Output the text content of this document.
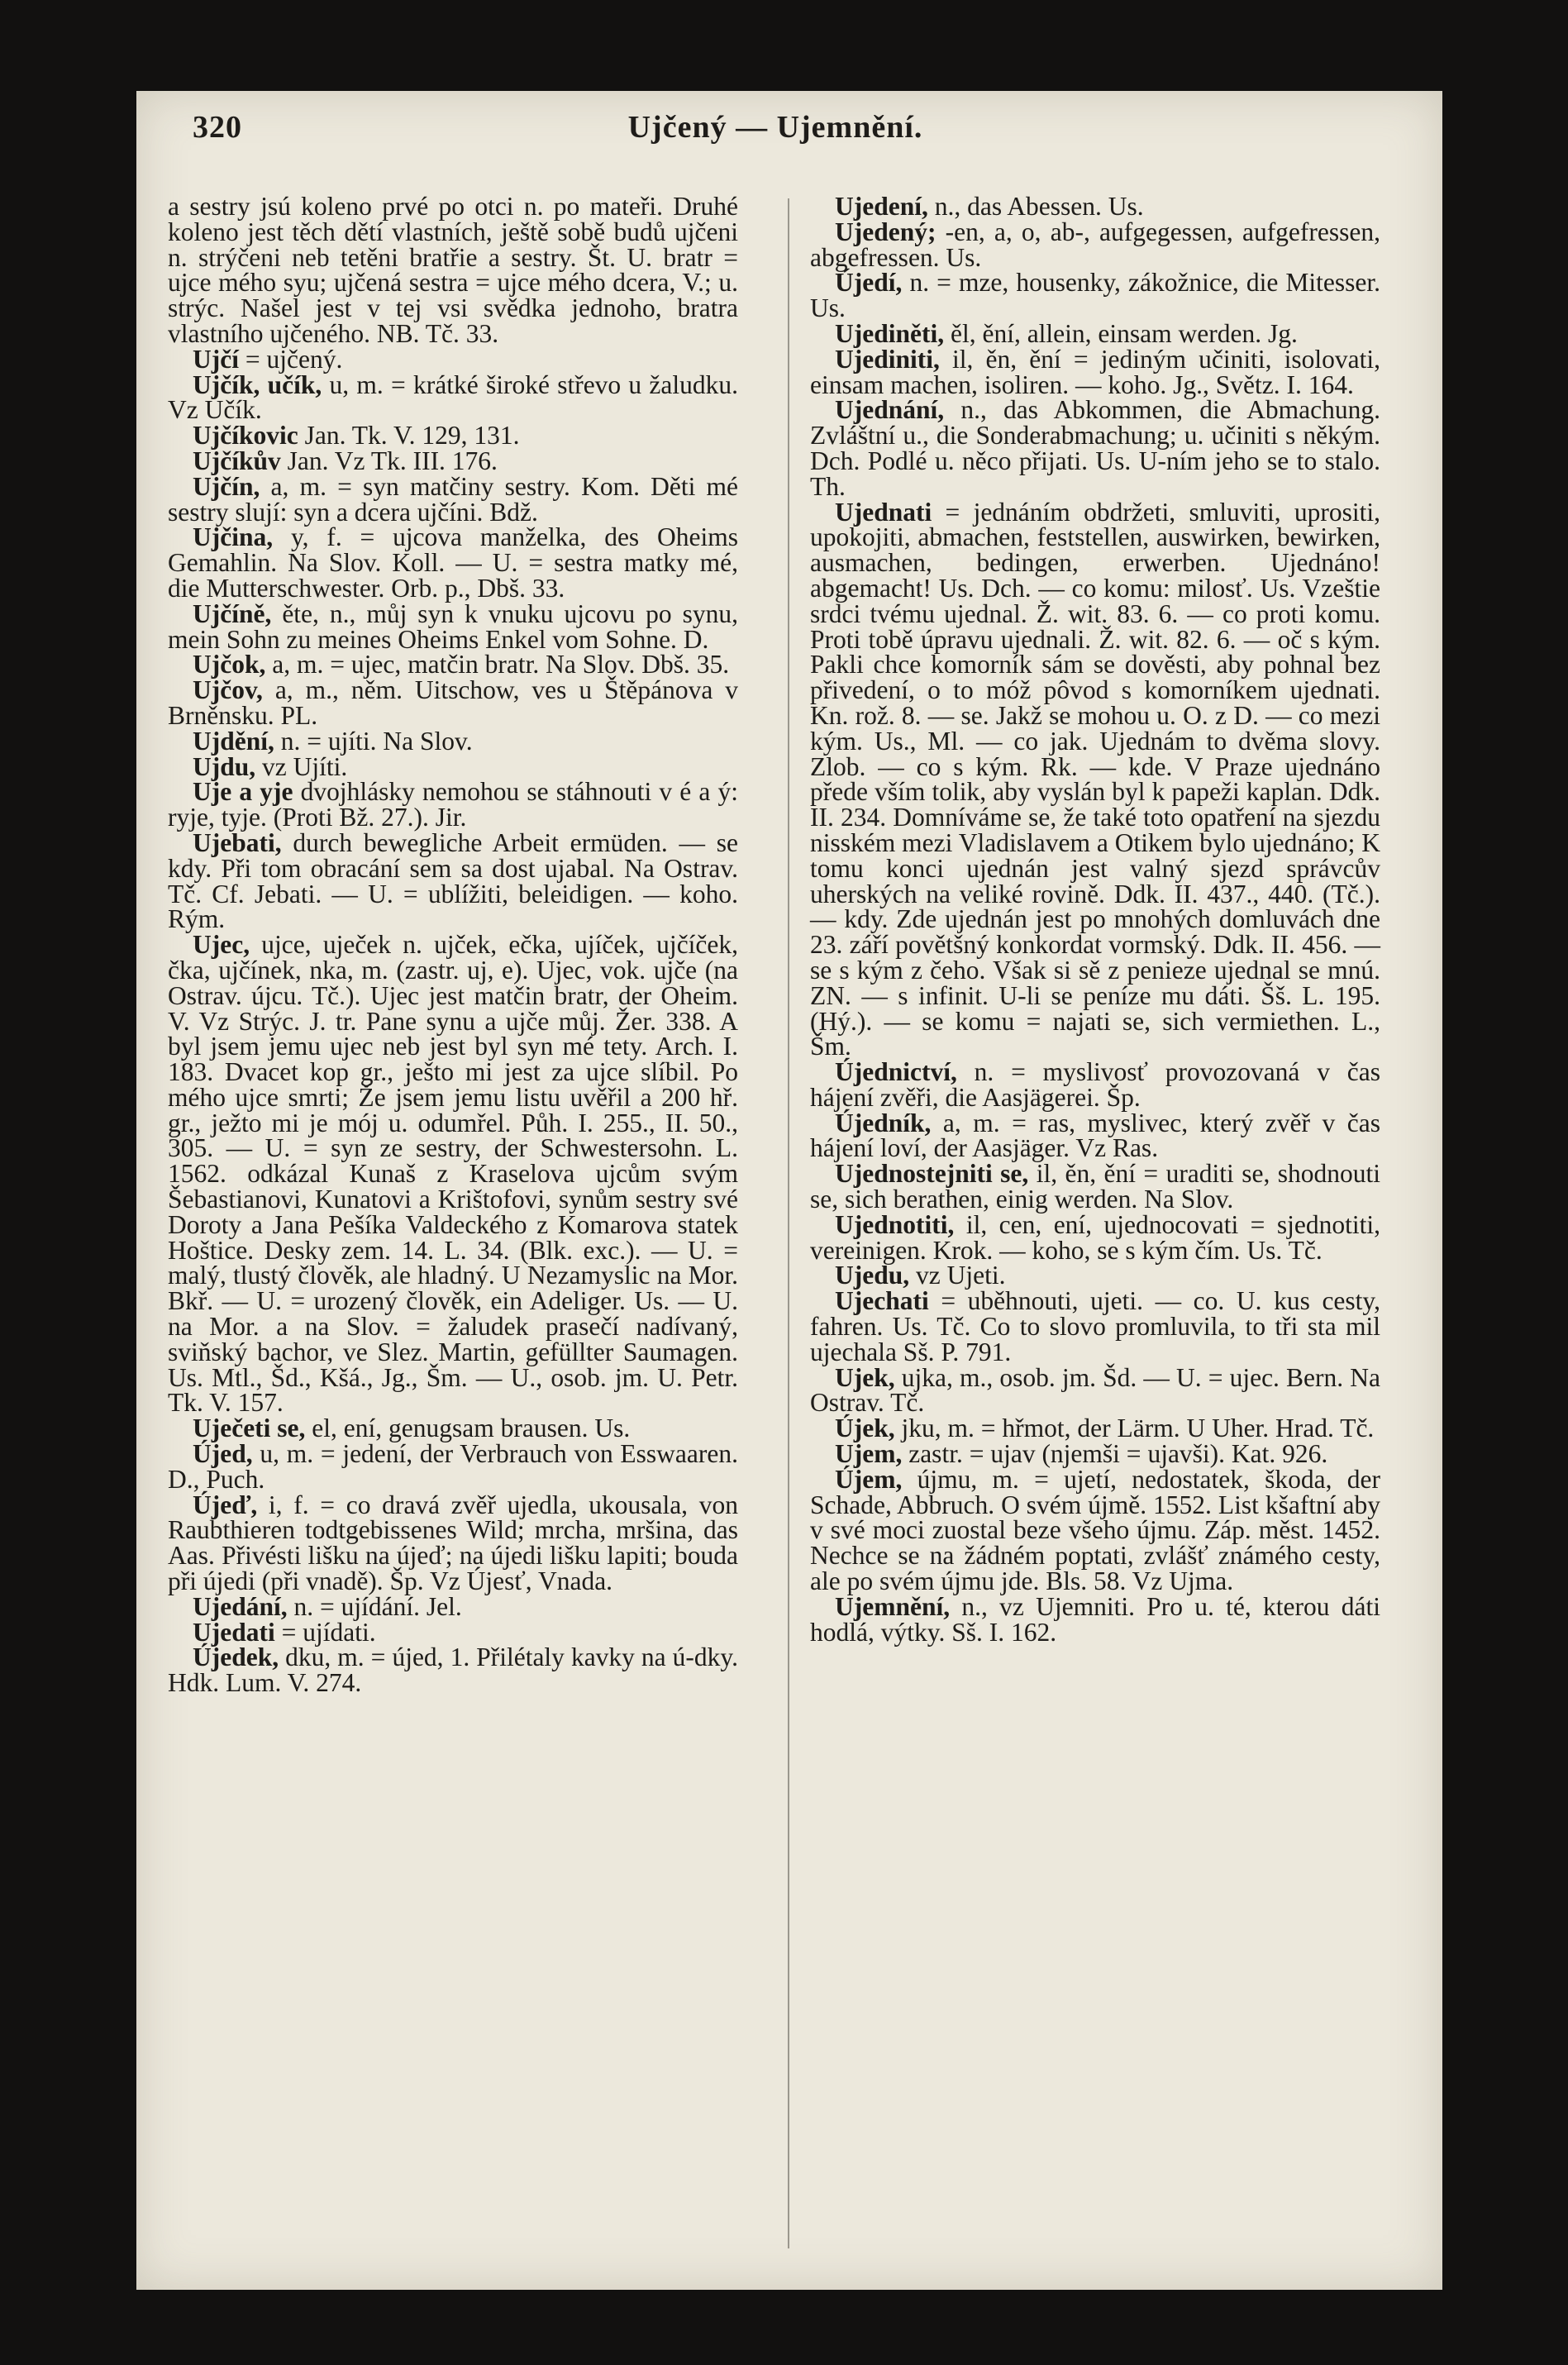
320	Ujčený — Ujemnění.

a sestry jsú koleno prvé po otci n. po mateři. Druhé koleno jest těch dětí vlastních, ještě sobě budů ujčeni n. strýčeni neb tetěni bratřie a sestry. Št. U. bratr = ujce mého syu; ujčená sestra = ujce mého dcera, V.; u. strýc. Našel jest v tej vsi svědka jednoho, bratra vlastního ujčeného. NB. Tč. 33.

Ujčí = ujčený.

Ujčík, učík, u, m. = krátké široké střevo u žaludku. Vz Učík.

Ujčíkovic Jan. Tk. V. 129, 131.

Ujčíkův Jan. Vz Tk. III. 176.

Ujčín, a, m. = syn matčiny sestry. Kom. Děti mé sestry slují: syn a dcera ujčíni. Bdž.

Ujčina, y, f. = ujcova manželka, des Oheims Gemahlin. Na Slov. Koll. — U. = sestra matky mé, die Mutterschwester. Orb. p., Dbš. 33.

Ujčíně, ěte, n., můj syn k vnuku ujcovu po synu, mein Sohn zu meines Oheims Enkel vom Sohne. D.

Ujčok, a, m. = ujec, matčin bratr. Na Slov. Dbš. 35.

Ujčov, a, m., něm. Uitschow, ves u Štěpánova v Brněnsku. PL.

Ujdění, n. = ujíti. Na Slov.

Ujdu, vz Ujíti.

Uje a yje dvojhlásky nemohou se stáhnouti v é a ý: ryje, tyje. (Proti Bž. 27.). Jir.

Ujebati, durch bewegliche Arbeit ermüden. — se kdy. Při tom obracání sem sa dost ujabal. Na Ostrav. Tč. Cf. Jebati. — U. = ublížiti, beleidigen. — koho. Rým.

Ujec, ujce, uječek n. ujček, ečka, ujíček, ujčíček, čka, ujčínek, nka, m. (zastr. uj, e). Ujec, vok. ujče (na Ostrav. újcu. Tč.). Ujec jest matčin bratr, der Oheim. V. Vz Strýc. J. tr. Pane synu a ujče můj. Žer. 338. A byl jsem jemu ujec neb jest byl syn mé tety. Arch. I. 183. Dvacet kop gr., ješto mi jest za ujce slíbil. Po mého ujce smrti; Že jsem jemu listu uvěřil a 200 hř. gr., ježto mi je mój u. odumřel. Půh. I. 255., II. 50., 305. — U. = syn ze sestry, der Schwestersohn. L. 1562. odkázal Kunaš z Kraselova ujcům svým Šebastianovi, Kunatovi a Krištofovi, synům sestry své Doroty a Jana Pešíka Valdeckého z Komarova statek Hoštice. Desky zem. 14. L. 34. (Blk. exc.). — U. = malý, tlustý člověk, ale hladný. U Nezamyslic na Mor. Bkř. — U. = urozený člověk, ein Adeliger. Us. — U. na Mor. a na Slov. = žaludek prasečí nadívaný, sviňský bachor, ve Slez. Martin, gefüllter Saumagen. Us. Mtl., Šd., Kšá., Jg., Šm. — U., osob. jm. U. Petr. Tk. V. 157.

Uječeti se, el, ení, genugsam brausen. Us.

Újed, u, m. = jedení, der Verbrauch von Esswaaren. D., Puch.

Újeď, i, f. = co dravá zvěř ujedla, ukousala, von Raubthieren todtgebissenes Wild; mrcha, mršina, das Aas. Přivésti lišku na újeď; na újedi lišku lapiti; bouda při újedi (při vnadě). Šp. Vz Újesť, Vnada.

Ujedání, n. = ujídání. Jel.

Ujedati = ujídati.

Újedek, dku, m. = újed, 1. Přilétaly kavky na ú-dky. Hdk. Lum. V. 274.

Ujedení, n., das Abessen. Us.

Ujedený; -en, a, o, ab-, aufgegessen, aufgefressen, abgefressen. Us.

Újedí, n. = mze, housenky, zákožnice, die Mitesser. Us.

Ujediněti, ěl, ění, allein, einsam werden. Jg.

Ujediniti, il, ěn, ění = jediným učiniti, isolovati, einsam machen, isoliren. — koho. Jg., Světz. I. 164.

Ujednání, n., das Abkommen, die Abmachung. Zvláštní u., die Sonderabmachung; u. učiniti s někým. Dch. Podlé u. něco přijati. Us. U-ním jeho se to stalo. Th.

Ujednati = jednáním obdržeti, smluviti, uprositi, upokojiti, abmachen, feststellen, auswirken, bewirken, ausmachen, bedingen, erwerben. Ujednáno! abgemacht! Us. Dch. — co komu: milosť. Us. Vzeštie srdci tvému ujednal. Ž. wit. 83. 6. — co proti komu. Proti tobě úpravu ujednali. Ž. wit. 82. 6. — oč s kým. Pakli chce komorník sám se dověsti, aby pohnal bez přivedení, o to móž pôvod s komorníkem ujednati. Kn. rož. 8. — se. Jakž se mohou u. O. z D. — co mezi kým. Us., Ml. — co jak. Ujednám to dvěma slovy. Zlob. — co s kým. Rk. — kde. V Praze ujednáno přede vším tolik, aby vyslán byl k papeži kaplan. Ddk. II. 234. Domníváme se, že také toto opatření na sjezdu nisském mezi Vladislavem a Otikem bylo ujednáno; K tomu konci ujednán jest valný sjezd správcův uherských na veliké rovině. Ddk. II. 437., 440. (Tč.). — kdy. Zde ujednán jest po mnohých domluvách dne 23. září povětšný konkordat vormský. Ddk. II. 456. — se s kým z čeho. Však si sě z penieze ujednal se mnú. ZN. — s infinit. U-li se peníze mu dáti. Šš. L. 195. (Hý.). — se komu = najati se, sich vermiethen. L., Šm.

Újednictví, n. = myslivosť provozovaná v čas hájení zvěři, die Aasjägerei. Šp.

Újedník, a, m. = ras, myslivec, který zvěř v čas hájení loví, der Aasjäger. Vz Ras.

Ujednostejniti se, il, ěn, ění = uraditi se, shodnouti se, sich berathen, einig werden. Na Slov.

Ujednotiti, il, cen, ení, ujednocovati = sjednotiti, vereinigen. Krok. — koho, se s kým čím. Us. Tč.

Ujedu, vz Ujeti.

Ujechati = uběhnouti, ujeti. — co. U. kus cesty, fahren. Us. Tč. Co to slovo promluvila, to tři sta mil ujechala Sš. P. 791.

Ujek, ujka, m., osob. jm. Šd. — U. = ujec. Bern. Na Ostrav. Tč.

Újek, jku, m. = hřmot, der Lärm. U Uher. Hrad. Tč.

Ujem, zastr. = ujav (njemši = ujavši). Kat. 926.

Újem, újmu, m. = ujetí, nedostatek, škoda, der Schade, Abbruch. O svém újmě. 1552. List kšaftní aby v své moci zuostal beze všeho újmu. Záp. měst. 1452. Nechce se na žádném poptati, zvlášť známého cesty, ale po svém újmu jde. Bls. 58. Vz Ujma.

Ujemnění, n., vz Ujemniti. Pro u. té, kterou dáti hodlá, výtky. Sš. I. 162.
